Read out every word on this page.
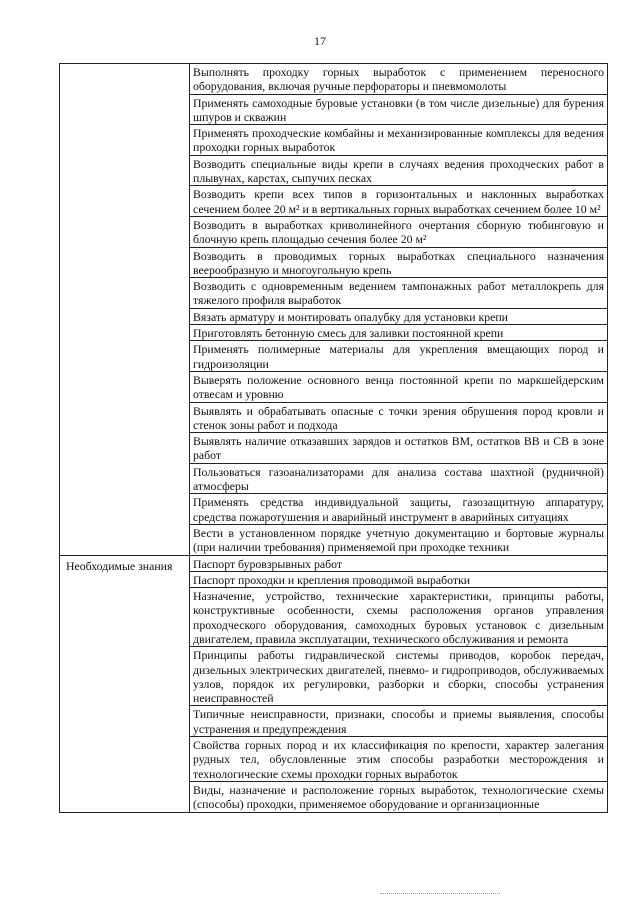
17
	Выполнять проходку горных выработок с применением переносного оборудования, включая ручные перфораторы и пневмомолоты
	Применять самоходные буровые установки (в том числе дизельные) для бурения шпуров и скважин
	Применять проходческие комбайны и механизированные комплексы для ведения проходки горных выработок
	Возводить специальные виды крепи в случаях ведения проходческих работ в плывунах, карстах, сыпучих песках
	Возводить крепи всех типов в горизонтальных и наклонных выработках сечением более 20 м² и в вертикальных горных выработках сечением более 10 м²
	Возводить в выработках криволинейного очертания сборную тюбинговую и блочную крепь площадью сечения более 20 м²
	Возводить в проводимых горных выработках специального назначения веерообразную и многоугольную крепь
	Возводить с одновременным ведением тампонажных работ металлокрепь для тяжелого профиля выработок
	Вязать арматуру и монтировать опалубку для установки крепи
	Приготовлять бетонную смесь для заливки постоянной крепи
	Применять полимерные материалы для укрепления вмещающих пород и гидроизоляции
	Выверять положение основного венца постоянной крепи по маркшейдерским отвесам и уровню
	Выявлять и обрабатывать опасные с точки зрения обрушения пород кровли и стенок зоны работ и подхода
	Выявлять наличие отказавших зарядов и остатков ВМ, остатков ВВ и СВ в зоне работ
	Пользоваться газоанализаторами для анализа состава шахтной (рудничной) атмосферы
	Применять средства индивидуальной защиты, газозащитную аппаратуру, средства пожаротушения и аварийный инструмент в аварийных ситуациях
	Вести в установленном порядке учетную документацию и бортовые журналы (при наличии требования) применяемой при проходке техники
Необходимые знания	Паспорт буровзрывных работ
	Паспорт проходки и крепления проводимой выработки
	Назначение, устройство, технические характеристики, принципы работы, конструктивные особенности, схемы расположения органов управления проходческого оборудования, самоходных буровых установок с дизельным двигателем, правила эксплуатации, технического обслуживания и ремонта
	Принципы работы гидравлической системы приводов, коробок передач, дизельных электрических двигателей, пневмо- и гидроприводов, обслуживаемых узлов, порядок их регулировки, разборки и сборки, способы устранения неисправностей
	Типичные неисправности, признаки, способы и приемы выявления, способы устранения и предупреждения
	Свойства горных пород и их классификация по крепости, характер залегания рудных тел, обусловленные этим способы разработки месторождения и технологические схемы проходки горных выработок
	Виды, назначение и расположение горных выработок, технологические схемы (способы) проходки, применяемое оборудование и организационные
